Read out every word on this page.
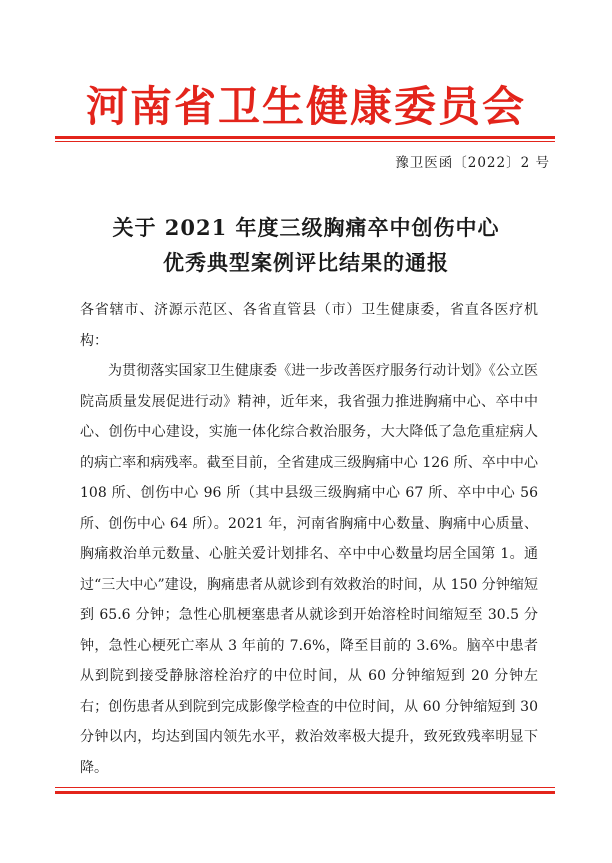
河南省卫生健康委员会
豫卫医函〔2022〕2 号
关于 2021 年度三级胸痛卒中创伤中心
优秀典型案例评比结果的通报

各省辖市、济源示范区、各省直管县（市）卫生健康委，省直各医疗机构：

为贯彻落实国家卫生健康委《进一步改善医疗服务行动计划》《公立医院高质量发展促进行动》精神，近年来，我省强力推进胸痛中心、卒中中心、创伤中心建设，实施一体化综合救治服务，大大降低了急危重症病人的病亡率和病残率。截至目前，全省建成三级胸痛中心 126 所、卒中中心 108 所、创伤中心 96 所（其中县级三级胸痛中心 67 所、卒中中心 56 所、创伤中心 64 所）。2021 年，河南省胸痛中心数量、胸痛中心质量、胸痛救治单元数量、心脏关爱计划排名、卒中中心数量均居全国第 1。通过“三大中心”建设，胸痛患者从就诊到有效救治的时间，从 150 分钟缩短到 65.6 分钟；急性心肌梗塞患者从就诊到开始溶栓时间缩短至 30.5 分钟，急性心梗死亡率从 3 年前的 7.6%，降至目前的 3.6%。脑卒中患者从到院到接受静脉溶栓治疗的中位时间，从 60 分钟缩短到 20 分钟左右；创伤患者从到院到完成影像学检查的中位时间，从 60 分钟缩短到 30 分钟以内，均达到国内领先水平，救治效率极大提升，致死致残率明显下降。
